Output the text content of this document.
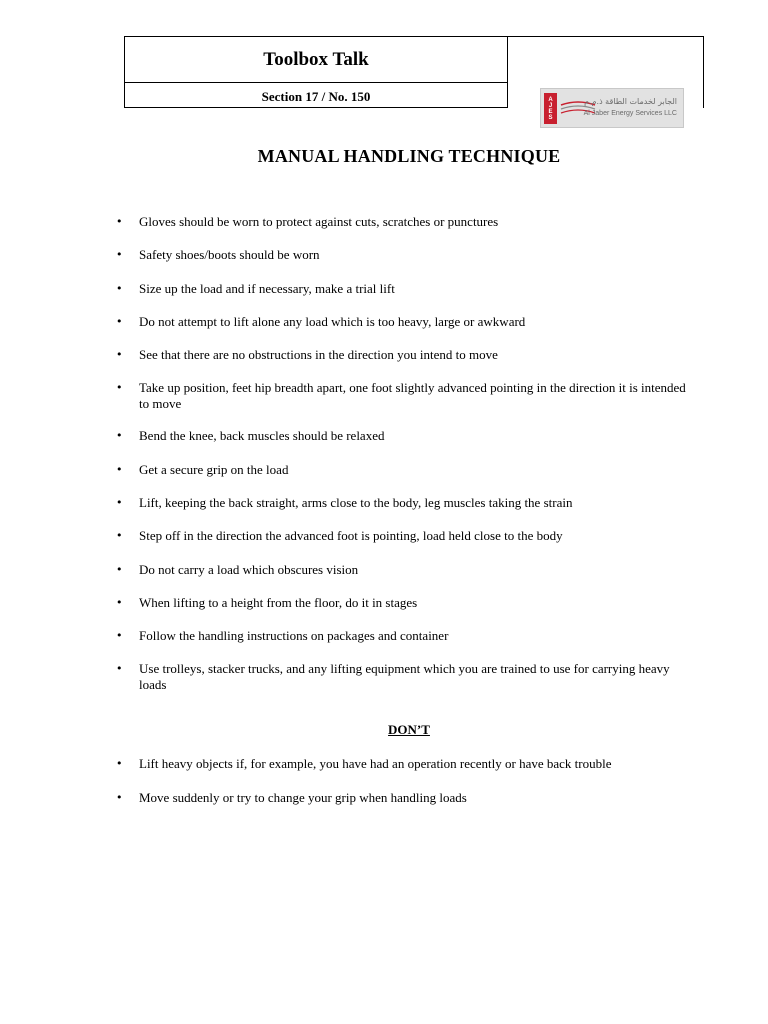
Toolbox Talk
Section 17 / No. 150	A
J
E
S
الجابر لخدمات الطاقة ذ.م.م
Al Jaber Energy Services LLC
MANUAL HANDLING TECHNIQUE
• Gloves should be worn to protect against cuts, scratches or punctures
• Safety shoes/boots should be worn
• Size up the load and if necessary, make a trial lift
• Do not attempt to lift alone any load which is too heavy, large or awkward
• See that there are no obstructions in the direction you intend to move
• Take up position, feet hip breadth apart, one foot slightly advanced pointing in the direction it is intended to move
• Bend the knee, back muscles should be relaxed
• Get a secure grip on the load
• Lift, keeping the back straight, arms close to the body, leg muscles taking the strain
• Step off in the direction the advanced foot is pointing, load held close to the body
• Do not carry a load which obscures vision
• When lifting to a height from the floor, do it in stages
• Follow the handling instructions on packages and container
• Use trolleys, stacker trucks, and any lifting equipment which you are trained to use for carrying heavy loads
DON’T
• Lift heavy objects if, for example, you have had an operation recently or have back trouble
• Move suddenly or try to change your grip when handling loads
